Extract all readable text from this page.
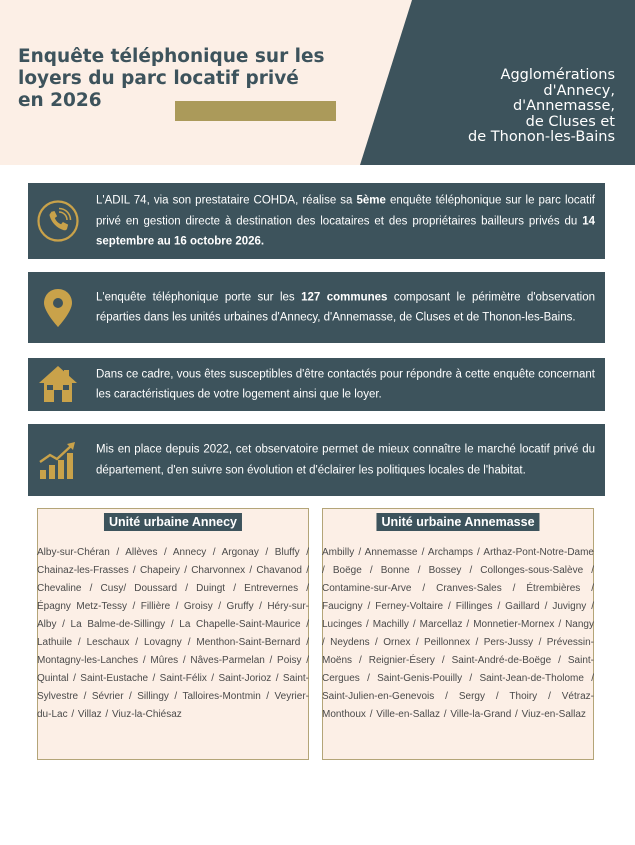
Enquête téléphonique sur les
loyers du parc locatif privé
en 2026
Agglomérations
d'Annecy,
d'Annemasse,
de Cluses et
de Thonon-les-Bains
L'ADIL 74, via son prestataire COHDA, réalise sa 5ème enquête téléphonique sur le parc locatif privé en gestion directe à destination des locataires et des propriétaires bailleurs privés du 14 septembre au 16 octobre 2026.
L'enquête téléphonique porte sur les 127 communes composant le périmètre d'observation réparties dans les unités urbaines d'Annecy, d'Annemasse, de Cluses et de Thonon-les-Bains.
Dans ce cadre, vous êtes susceptibles d'être contactés pour répondre à cette enquête concernant les caractéristiques de votre logement ainsi que le loyer.
Mis en place depuis 2022, cet observatoire permet de mieux connaître le marché locatif privé du département, d'en suivre son évolution et d'éclairer les politiques locales de l'habitat.
Unité urbaine Annecy
Alby-sur-Chéran / Allèves / Annecy / Argonay / Bluffy / Chainaz-les-Frasses / Chapeiry / Charvonnex / Chavanod / Chevaline / Cusy/ Doussard / Duingt / Entrevernes / Épagny Metz-Tessy / Fillière / Groisy / Gruffy / Héry-sur-Alby / La Balme-de-Sillingy / La Chapelle-Saint-Maurice / Lathuile / Leschaux / Lovagny / Menthon-Saint-Bernard / Montagny-les-Lanches / Mûres / Nâves-Parmelan / Poisy / Quintal / Saint-Eustache / Saint-Félix / Saint-Jorioz / Saint-Sylvestre / Sévrier / Sillingy / Talloires-Montmin / Veyrier-du-Lac / Villaz / Viuz-la-Chiésaz
Unité urbaine Annemasse
Ambilly / Annemasse / Archamps / Arthaz-Pont-Notre-Dame / Boëge / Bonne / Bossey / Collonges-sous-Salève / Contamine-sur-Arve / Cranves-Sales / Étrembières / Faucigny / Ferney-Voltaire / Fillinges / Gaillard / Juvigny / Lucinges / Machilly / Marcellaz / Monnetier-Mornex / Nangy / Neydens / Ornex / Peillonnex / Pers-Jussy / Prévessin-Moëns / Reignier-Ésery / Saint-André-de-Boëge / Saint-Cergues / Saint-Genis-Pouilly / Saint-Jean-de-Tholome / Saint-Julien-en-Genevois / Sergy / Thoiry / Vétraz-Monthoux / Ville-en-Sallaz / Ville-la-Grand / Viuz-en-Sallaz
